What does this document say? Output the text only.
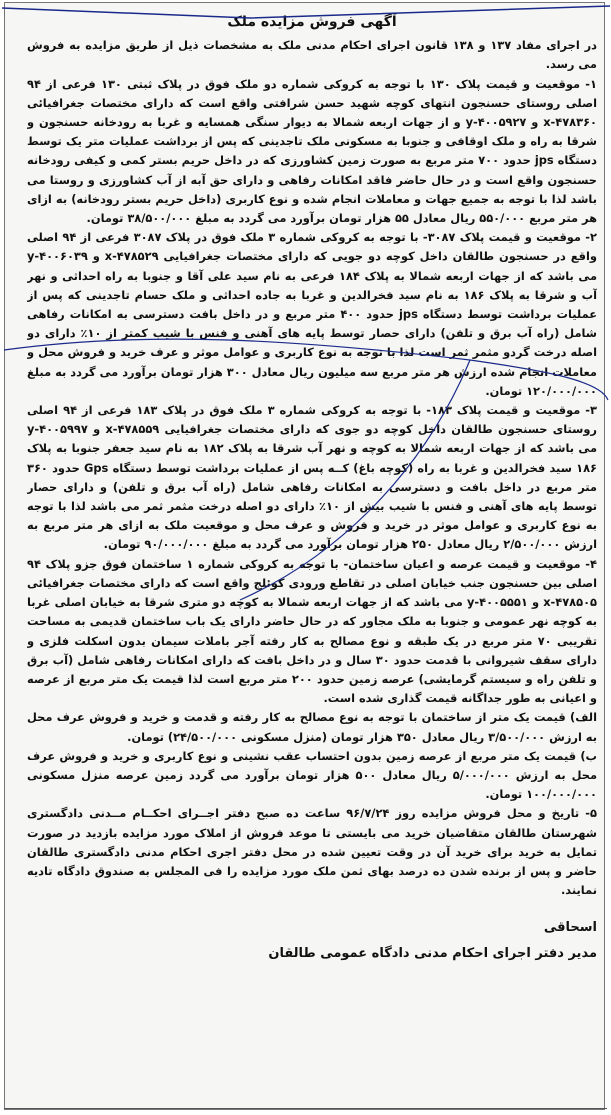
آگهی فروش مزایده ملک

در اجرای مفاد ۱۳۷ و ۱۳۸ قانون اجرای احکام مدنی ملک به مشخصات ذیل از طریق مزایده به فروش می رسد.

۱- موقعیت و قیمت پلاک ۱۳۰ با توجه به کروکی شماره دو ملک فوق در پلاک ثبتی ۱۳۰ فرعی از ۹۴ اصلی روستای حسنجون انتهای کوچه شهید حسن شرافتی واقع است که دارای مختصات جغرافیائی x-۴۷۸۳۶۰ و y-۴۰۰۵۹۲۷ و از جهات اربعه شمالا به دیوار سنگی همسایه و غربا به رودخانه حسنجون و شرقا به راه و ملک اوقافی و جنوبا به مسکونی ملک تاجدینی که پس از برداشت عملیات متر یک توسط دستگاه jps حدود ۷۰۰ متر مربع به صورت زمین کشاورزی که در داخل حریم بستر کمی و کیفی رودخانه حسنجون واقع است و در حال حاضر فاقد امکانات رفاهی و دارای حق آبه از آب کشاورزی و روستا می باشد لذا با توجه به جمیع جهات و معاملات انجام شده و نوع کاربری (داخل حریم بستر رودخانه) به ازای هر متر مربع ۵۵۰/۰۰۰ ریال معادل ۵۵ هزار تومان برآورد می گردد به مبلغ ۳۸/۵۰۰/۰۰۰ تومان.

۲- موقعیت و قیمت پلاک ۳۰۸۷- با توجه به کروکی شماره ۳ ملک فوق در پلاک ۳۰۸۷ فرعی از ۹۴ اصلی واقع در حسنجون طالقان داخل کوچه دو جویی که دارای مختصات جغرافیایی x-۴۷۸۵۲۹ و y-۴۰۰۶۰۳۹ می باشد که از جهات اربعه شمالا به پلاک ۱۸۴ فرعی به نام سید علی آقا و جنوبا به راه احداثی و نهر آب و شرقا به پلاک ۱۸۶ به نام سید فخرالدین و غربا به جاده احداثی و ملک حسام تاجدینی که پس از عملیات برداشت توسط دستگاه jps حدود ۴۰۰ متر مربع و در داخل بافت دسترسی به امکانات رفاهی شامل (راه آب برق و تلفن) دارای حصار توسط پایه های آهنی و فنس با شیب کمتر از ۱۰٪ دارای دو اصله درخت گردو مثمر ثمر است لذا با توجه به نوع کاربری و عوامل موثر و عرف خرید و فروش محل و معاملات انجام شده ارزش هر متر مربع سه میلیون ریال معادل ۳۰۰ هزار تومان برآورد می گردد به مبلغ ۱۲۰/۰۰۰/۰۰۰ تومان.

۳- موقعیت و قیمت پلاک ۱۸۳- با توجه به کروکی شماره ۳ ملک فوق در پلاک ۱۸۳ فرعی از ۹۴ اصلی روستای حسنجون طالقان داخل کوچه دو جوی که دارای مختصات جغرافیایی x-۴۷۸۵۵۹ و y-۴۰۰۵۹۹۷ می باشد که از جهات اربعه شمالا به کوچه و نهر آب شرقا به پلاک ۱۸۲ به نام سید جعفر جنوبا به پلاک ۱۸۶ سید فخرالدین و غربا به راه (کوچه باغ) کــه پس از عملیات برداشت توسط دستگاه Gps حدود ۳۶۰ متر مربع در داخل بافت و دسترسی به امکانات رفاهی شامل (راه آب برق و تلفن) و دارای حصار توسط پایه های آهنی و فنس با شیب بیش از ۱۰٪ دارای دو اصله درخت مثمر ثمر می باشد لذا با توجه به نوع کاربری و عوامل موثر در خرید و فروش و عرف محل و موقعیت ملک به ازای هر متر مربع به ارزش ۲/۵۰۰/۰۰۰ ریال معادل ۲۵۰ هزار تومان برآورد می گردد به مبلغ ۹۰/۰۰۰/۰۰۰ تومان.

۴- موقعیت و قیمت عرصه و اعیان ساختمان- با توجه به کروکی شماره ۱ ساختمان فوق جزو پلاک ۹۴ اصلی بین حسنجون جنب خیابان اصلی در تقاطع ورودی کوئلج واقع است که دارای مختصات جغرافیائی x-۴۷۸۵۰۵ و y-۴۰۰۵۵۵۱ می باشد که از جهات اربعه شمالا به کوچه دو متری شرقا به خیابان اصلی غربا به کوچه نهر عمومی و جنوبا به ملک مجاور که در حال حاضر دارای یک باب ساختمان قدیمی به مساحت تقریبی ۷۰ متر مربع در یک طبقه و نوع مصالح به کار رفته آجر باملات سیمان بدون اسکلت فلزی و دارای سقف شیروانی با قدمت حدود ۳۰ سال و در داخل بافت که دارای امکانات رفاهی شامل (آب برق و تلفن راه و سیستم گرمایشی) عرصه زمین حدود ۲۰۰ متر مربع است لذا قیمت یک متر مربع از عرصه و اعیانی به طور جداگانه قیمت گذاری شده است.

الف) قیمت یک متر از ساختمان با توجه به نوع مصالح به کار رفته و قدمت و خرید و فروش عرف محل به ارزش ۳/۵۰۰/۰۰۰ ریال معادل ۳۵۰ هزار تومان (منزل مسکونی ۲۴/۵۰۰/۰۰۰) تومان.

ب) قیمت یک متر مربع از عرصه زمین بدون احتساب عقب نشینی و نوع کاربری و خرید و فروش عرف محل به ارزش ۵/۰۰۰/۰۰۰ ریال معادل ۵۰۰ هزار تومان برآورد می گردد زمین عرصه منزل مسکونی ۱۰۰/۰۰۰/۰۰۰ تومان.

۵- تاریخ و محل فروش مزایده روز ۹۶/۷/۲۴ ساعت ده صبح دفتر اجــرای احکــام مــدنی دادگستری شهرستان طالقان متقاضیان خرید می بایستی تا موعد فروش از املاک مورد مزایده بازدید در صورت تمایل به خرید برای خرید آن در وقت تعیین شده در محل دفتر اجری احکام مدنی دادگستری طالقان حاضر و پس از برنده شدن ده درصد بهای ثمن ملک مورد مزایده را فی المجلس به صندوق دادگاه تادیه نمایند.

اسحاقی
مدیر دفتر اجرای احکام مدنی دادگاه عمومی طالقان
